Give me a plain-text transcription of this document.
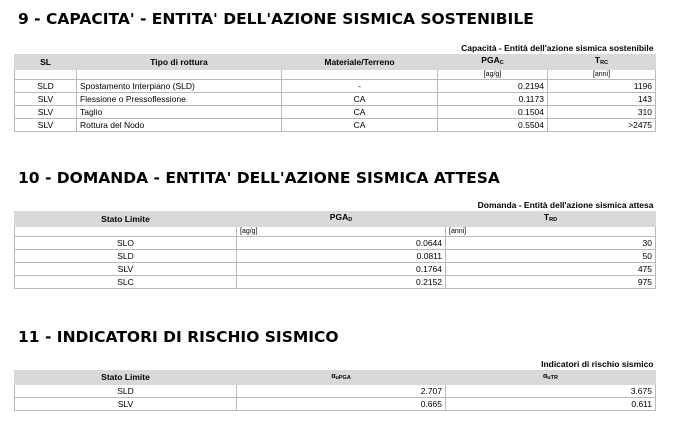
9 - CAPACITA' - ENTITA' DELL'AZIONE SISMICA SOSTENIBILE
			Capacità - Entità dell'azione sismica sostenibile	
SL	Tipo di rottura	Materiale/Terreno	$PGA_C$	$T_{RC}$
			[ag/g]	[anni]
SLD	Spostamento Interpiano (SLD)	-	0.2194	1196
SLV	Flessione o Pressoflessione	CA	0.1173	143
SLV	Taglio	CA	0.1504	310
SLV	Rottura del Nodo	CA	0.5504	>2475
10 - DOMANDA - ENTITA' DELL'AZIONE SISMICA ATTESA
		Domanda - Entità dell'azione sismica attesa
Stato Limite	$PGA_D$	$T_{RD}$
	[ag/g]	[anni]
SLO	0.0644	30
SLD	0.0811	50
SLV	0.1764	475
SLC	0.2152	975
11 - INDICATORI DI RISCHIO SISMICO
		Indicatori di rischio sismico
Stato Limite	$\alpha_{uPGA}$	$\alpha_{uTR}$
SLD	2.707	3.675
SLV	0.665	0.611
